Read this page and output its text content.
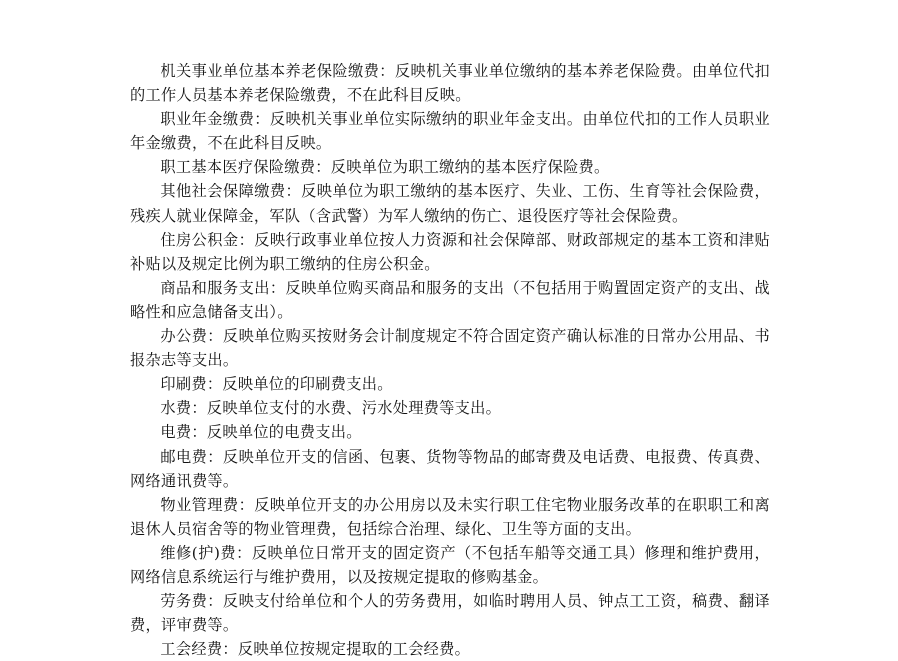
机关事业单位基本养老保险缴费：反映机关事业单位缴纳的基本养老保险费。由单位代扣的工作人员基本养老保险缴费，不在此科目反映。

职业年金缴费：反映机关事业单位实际缴纳的职业年金支出。由单位代扣的工作人员职业年金缴费，不在此科目反映。

职工基本医疗保险缴费：反映单位为职工缴纳的基本医疗保险费。

其他社会保障缴费：反映单位为职工缴纳的基本医疗、失业、工伤、生育等社会保险费，残疾人就业保障金，军队（含武警）为军人缴纳的伤亡、退役医疗等社会保险费。

住房公积金：反映行政事业单位按人力资源和社会保障部、财政部规定的基本工资和津贴补贴以及规定比例为职工缴纳的住房公积金。

商品和服务支出：反映单位购买商品和服务的支出（不包括用于购置固定资产的支出、战略性和应急储备支出）。

办公费：反映单位购买按财务会计制度规定不符合固定资产确认标准的日常办公用品、书报杂志等支出。

印刷费：反映单位的印刷费支出。

水费：反映单位支付的水费、污水处理费等支出。

电费：反映单位的电费支出。

邮电费：反映单位开支的信函、包裹、货物等物品的邮寄费及电话费、电报费、传真费、网络通讯费等。

物业管理费：反映单位开支的办公用房以及未实行职工住宅物业服务改革的在职职工和离退休人员宿舍等的物业管理费，包括综合治理、绿化、卫生等方面的支出。

维修(护)费：反映单位日常开支的固定资产（不包括车船等交通工具）修理和维护费用，网络信息系统运行与维护费用，以及按规定提取的修购基金。

劳务费：反映支付给单位和个人的劳务费用，如临时聘用人员、钟点工工资，稿费、翻译费，评审费等。

工会经费：反映单位按规定提取的工会经费。
